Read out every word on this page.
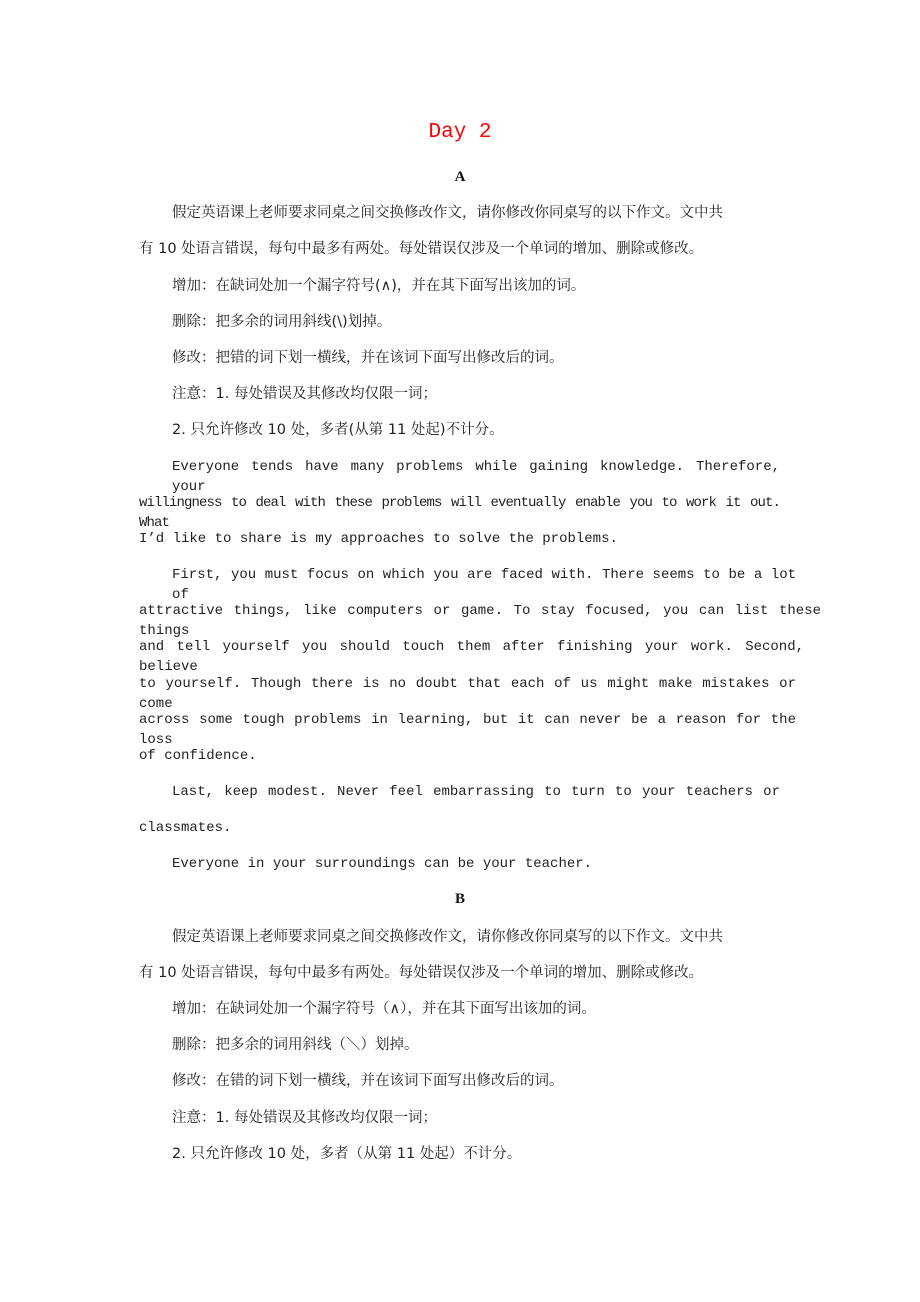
Day 2
A
假定英语课上老师要求同桌之间交换修改作文，请你修改你同桌写的以下作文。文中共
有 10 处语言错误，每句中最多有两处。每处错误仅涉及一个单词的增加、删除或修改。
增加：在缺词处加一个漏字符号(∧)，并在其下面写出该加的词。
删除：把多余的词用斜线(\)划掉。
修改：把错的词下划一横线，并在该词下面写出修改后的词。
注意：1. 每处错误及其修改均仅限一词；
2. 只允许修改 10 处，多者(从第 11 处起)不计分。
Everyone tends have many problems while gaining knowledge. Therefore, your
willingness to deal with these problems will eventually enable you to work it out. What
I’d like to share is my approaches to solve the problems.
First, you must focus on which you are faced with. There seems to be a lot of
attractive things, like computers or game. To stay focused, you can list these things
and tell yourself you should touch them after finishing your work. Second, believe
to yourself. Though there is no doubt that each of us might make mistakes or come
across some tough problems in learning, but it can never be a reason for the loss
of confidence.
Last, keep modest. Never feel embarrassing to turn to your teachers or
classmates.
Everyone in your surroundings can be your teacher.
B
假定英语课上老师要求同桌之间交换修改作文，请你修改你同桌写的以下作文。文中共
有 10 处语言错误，每句中最多有两处。每处错误仅涉及一个单词的增加、删除或修改。
增加：在缺词处加一个漏字符号（∧），并在其下面写出该加的词。
删除：把多余的词用斜线（＼）划掉。
修改：在错的词下划一横线，并在该词下面写出修改后的词。
注意：1. 每处错误及其修改均仅限一词；
2. 只允许修改 10 处，多者（从第 11 处起）不计分。
